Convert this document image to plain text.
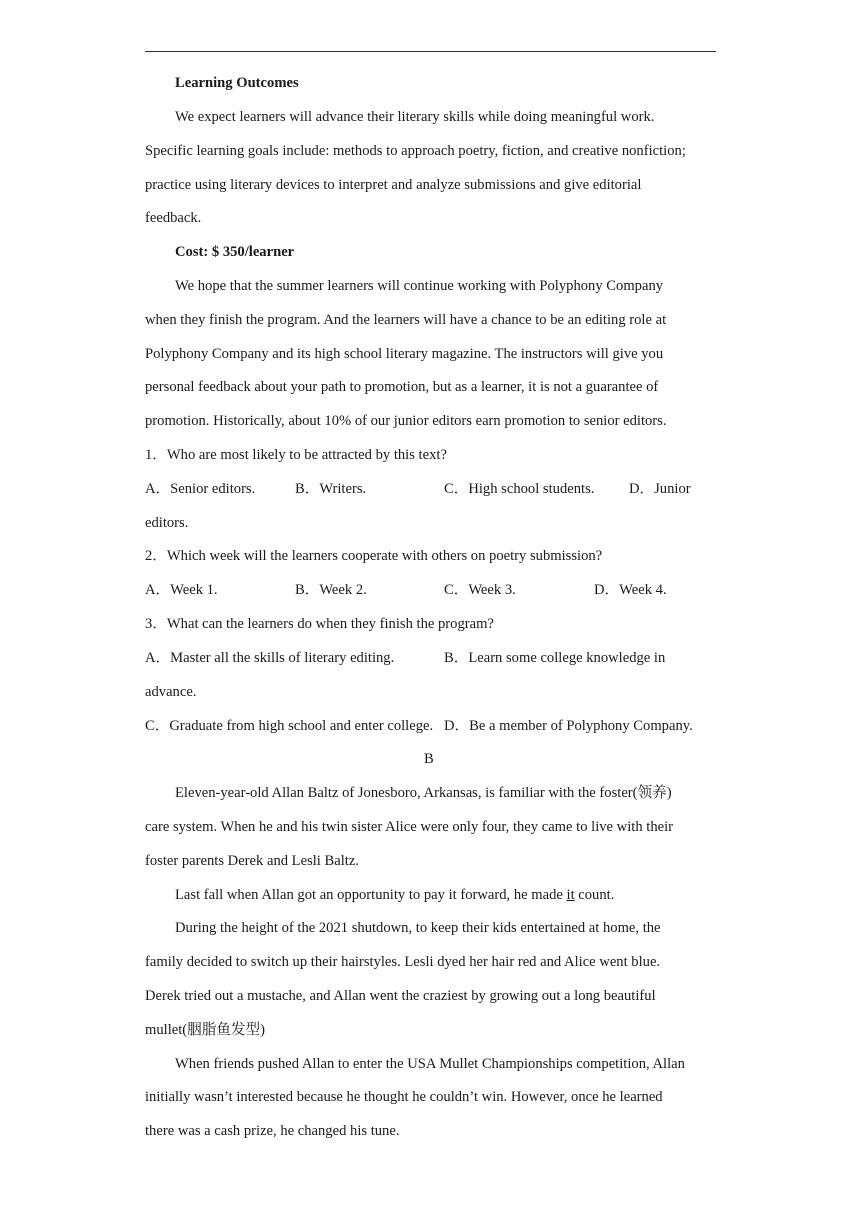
Learning Outcomes
We expect learners will advance their literary skills while doing meaningful work.
Specific learning goals include: methods to approach poetry, fiction, and creative nonfiction;
practice using literary devices to interpret and analyze submissions and give editorial
feedback.
Cost: $ 350/learner
We hope that the summer learners will continue working with Polyphony Company
when they finish the program. And the learners will have a chance to be an editing role at
Polyphony Company and its high school literary magazine. The instructors will give you
personal feedback about your path to promotion, but as a learner, it is not a guarantee of
promotion. Historically, about 10% of our junior editors earn promotion to senior editors.
1．Who are most likely to be attracted by this text?
A．Senior editors.	B．Writers.	C．High school students. D．Junior
editors.
2．Which week will the learners cooperate with others on poetry submission?
A．Week 1.	B．Week 2.	C．Week 3.	D．Week 4.
3．What can the learners do when they finish the program?
A．Master all the skills of literary editing.	B．Learn some college knowledge in
advance.
C．Graduate from high school and enter college. D．Be a member of Polyphony Company.
B
Eleven-year-old Allan Baltz of Jonesboro, Arkansas, is familiar with the foster(领养)
care system. When he and his twin sister Alice were only four, they came to live with their
foster parents Derek and Lesli Baltz.
Last fall when Allan got an opportunity to pay it forward, he made it count.
During the height of the 2021 shutdown, to keep their kids entertained at home, the
family decided to switch up their hairstyles. Lesli dyed her hair red and Alice went blue.
Derek tried out a mustache, and Allan went the craziest by growing out a long beautiful
mullet(胭脂鱼发型)
When friends pushed Allan to enter the USA Mullet Championships competition, Allan
initially wasn’t interested because he thought he couldn’t win. However, once he learned
there was a cash prize, he changed his tune.
